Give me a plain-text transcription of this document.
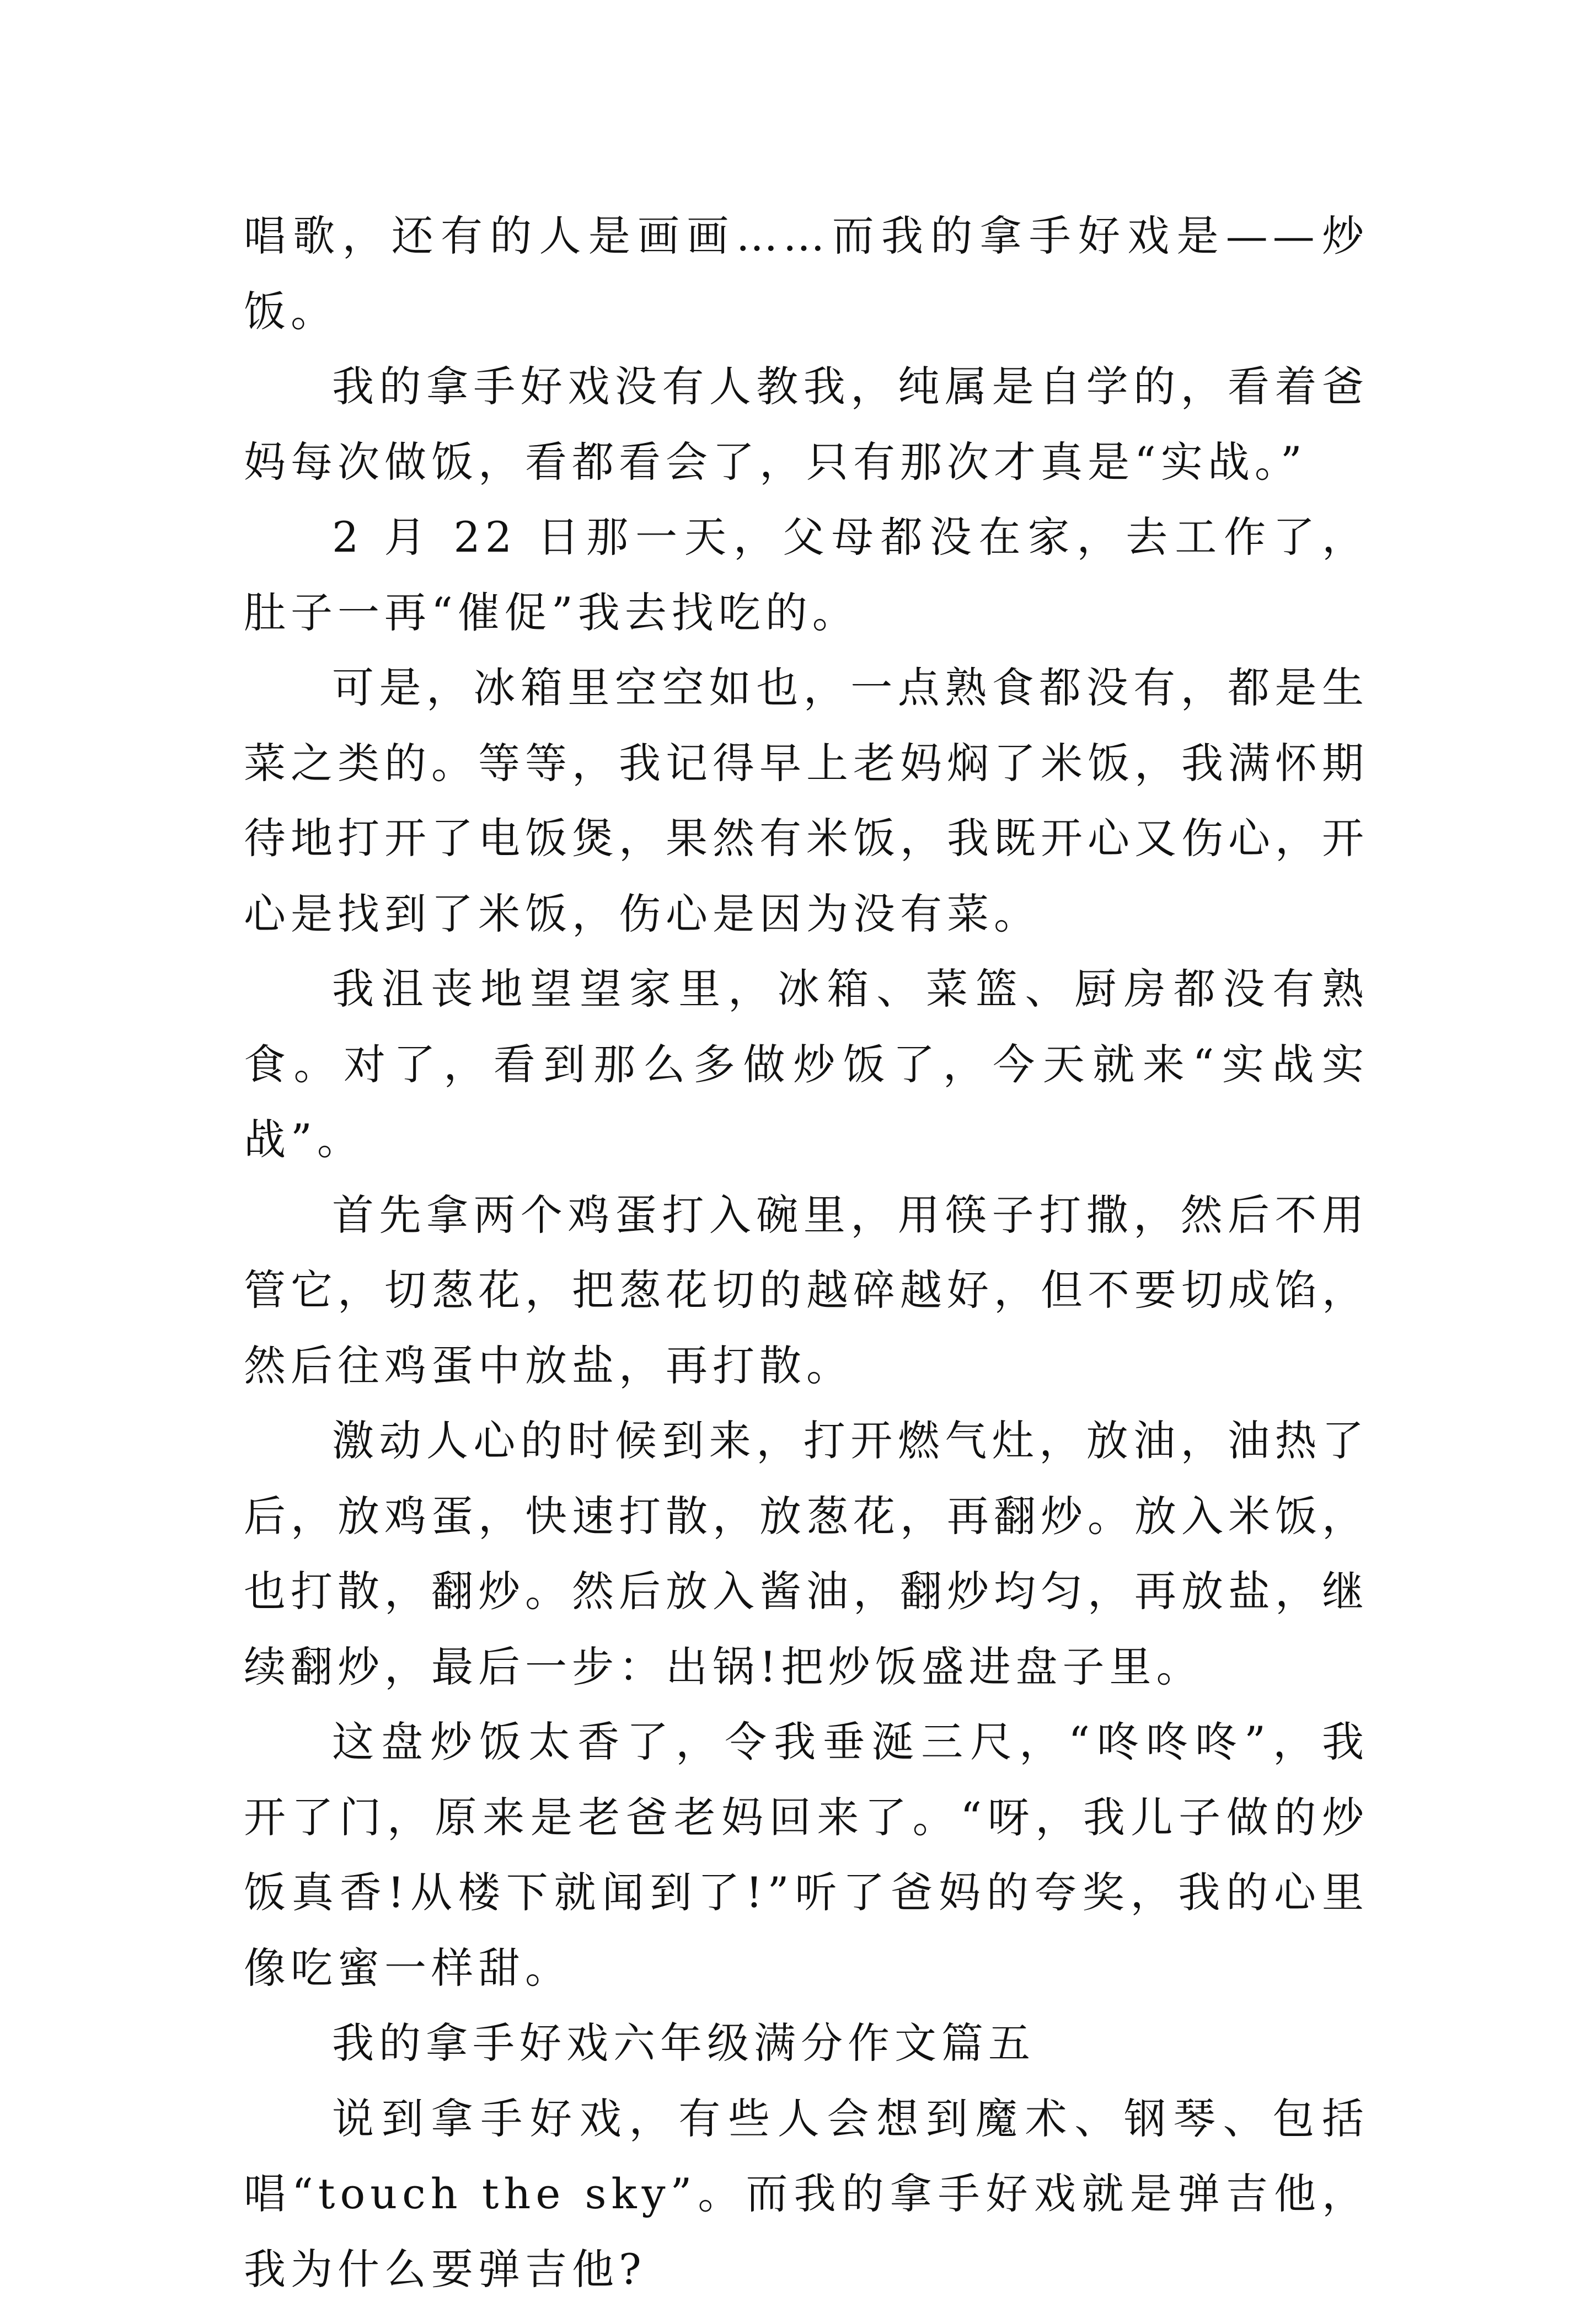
唱歌，还有的人是画画……而我的拿手好戏是——炒饭。

我的拿手好戏没有人教我，纯属是自学的，看着爸妈每次做饭，看都看会了，只有那次才真是“实战。”

2 月 22 日那一天，父母都没在家，去工作了，肚子一再“催促”我去找吃的。

可是，冰箱里空空如也，一点熟食都没有，都是生菜之类的。等等，我记得早上老妈焖了米饭，我满怀期待地打开了电饭煲，果然有米饭，我既开心又伤心，开心是找到了米饭，伤心是因为没有菜。

我沮丧地望望家里，冰箱、菜篮、厨房都没有熟食。对了，看到那么多做炒饭了，今天就来“实战实战”。

首先拿两个鸡蛋打入碗里，用筷子打撒，然后不用管它，切葱花，把葱花切的越碎越好，但不要切成馅，然后往鸡蛋中放盐，再打散。

激动人心的时候到来，打开燃气灶，放油，油热了后，放鸡蛋，快速打散，放葱花，再翻炒。放入米饭，也打散，翻炒。然后放入酱油，翻炒均匀，再放盐，继续翻炒，最后一步：出锅!把炒饭盛进盘子里。

这盘炒饭太香了，令我垂涎三尺，“咚咚咚”，我开了门，原来是老爸老妈回来了。“呀，我儿子做的炒饭真香!从楼下就闻到了!”听了爸妈的夸奖，我的心里像吃蜜一样甜。

我的拿手好戏六年级满分作文篇五

说到拿手好戏，有些人会想到魔术、钢琴、包括唱“touch the sky”。而我的拿手好戏就是弹吉他，我为什么要弹吉他?
